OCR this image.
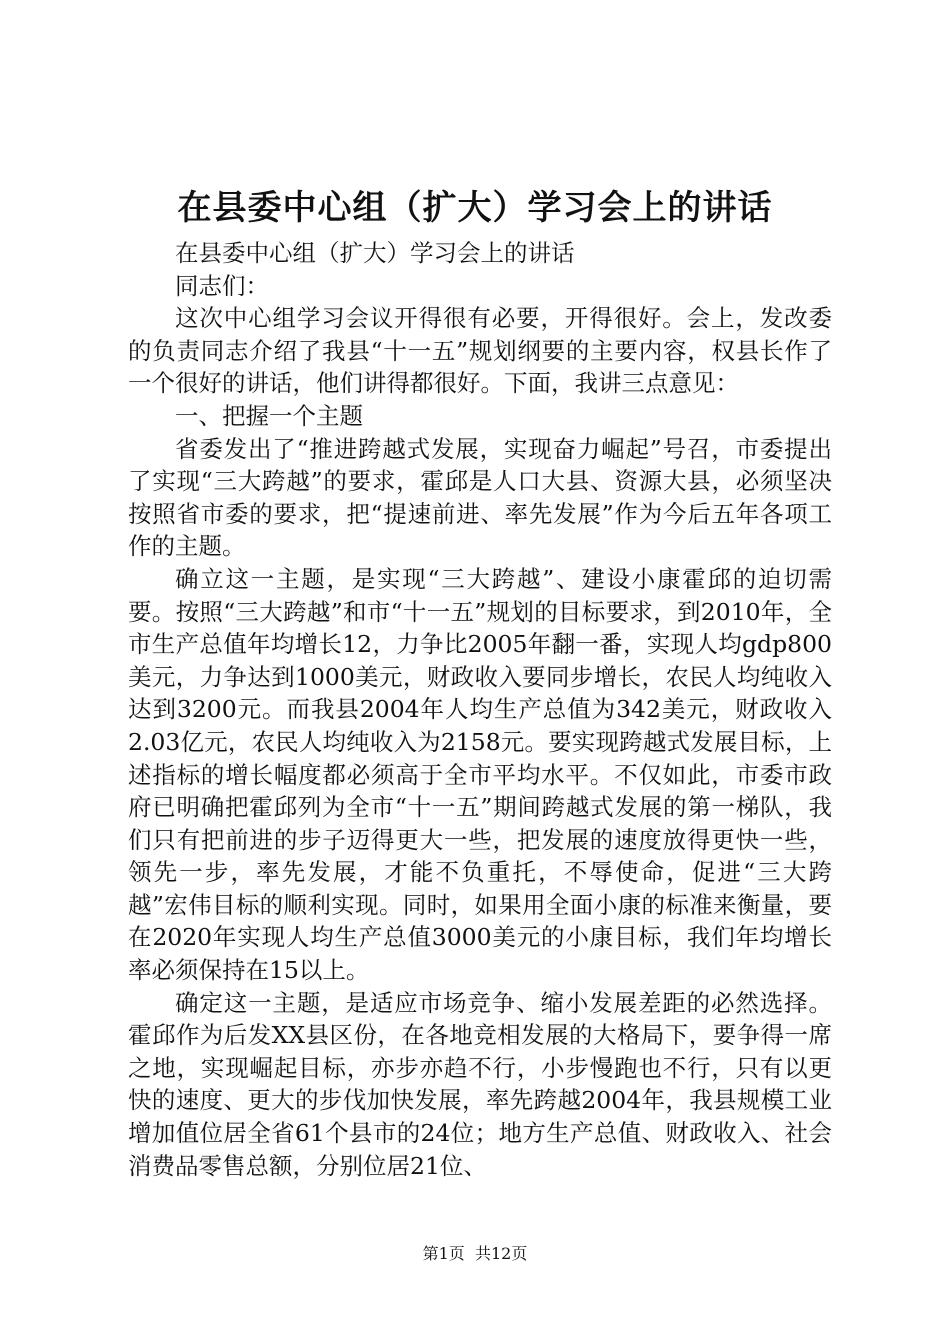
在县委中心组（扩大）学习会上的讲话

在县委中心组（扩大）学习会上的讲话

同志们：

这次中心组学习会议开得很有必要，开得很好。会上，发改委的负责同志介绍了我县“十一五”规划纲要的主要内容，权县长作了一个很好的讲话，他们讲得都很好。下面，我讲三点意见：

一、把握一个主题

省委发出了“推进跨越式发展，实现奋力崛起”号召，市委提出了实现“三大跨越”的要求，霍邱是人口大县、资源大县，必须坚决按照省市委的要求，把“提速前进、率先发展”作为今后五年各项工作的主题。

确立这一主题，是实现“三大跨越”、建设小康霍邱的迫切需要。按照“三大跨越”和市“十一五”规划的目标要求，到2010年，全市生产总值年均增长12，力争比2005年翻一番，实现人均gdp800美元，力争达到1000美元，财政收入要同步增长，农民人均纯收入达到3200元。而我县2004年人均生产总值为342美元，财政收入2.03亿元，农民人均纯收入为2158元。要实现跨越式发展目标，上述指标的增长幅度都必须高于全市平均水平。不仅如此，市委市政府已明确把霍邱列为全市“十一五”期间跨越式发展的第一梯队，我们只有把前进的步子迈得更大一些，把发展的速度放得更快一些，领先一步，率先发展，才能不负重托，不辱使命，促进“三大跨越”宏伟目标的顺利实现。同时，如果用全面小康的标准来衡量，要在2020年实现人均生产总值3000美元的小康目标，我们年均增长率必须保持在15以上。

确定这一主题，是适应市场竞争、缩小发展差距的必然选择。霍邱作为后发XX县区份，在各地竞相发展的大格局下，要争得一席之地，实现崛起目标，亦步亦趋不行，小步慢跑也不行，只有以更快的速度、更大的步伐加快发展，率先跨越2004年，我县规模工业增加值位居全省61个县市的24位；地方生产总值、财政收入、社会消费品零售总额，分别位居21位、

第1页 共12页
